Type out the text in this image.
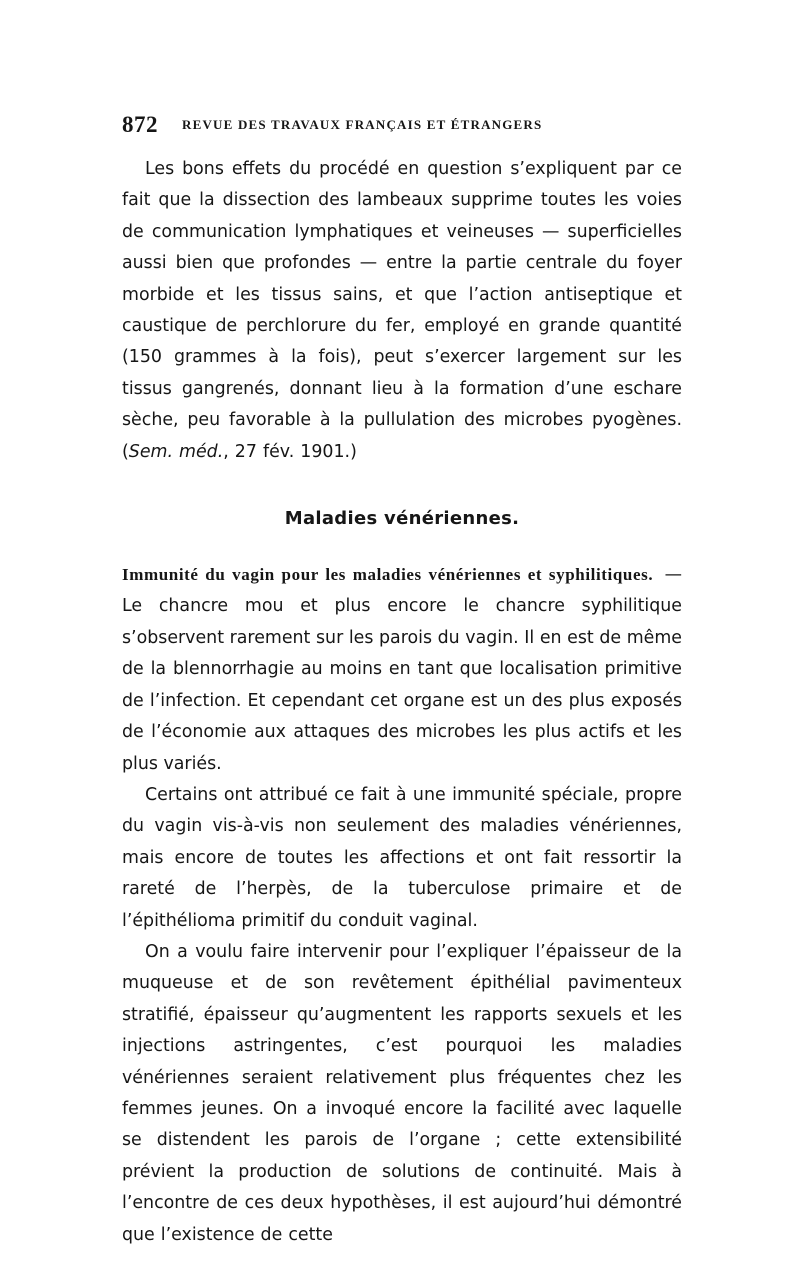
872 REVUE DES TRAVAUX FRANÇAIS ET ÉTRANGERS

Les bons effets du procédé en question s’expliquent par ce fait que la dissection des lambeaux supprime toutes les voies de communication lymphatiques et veineuses — superficielles aussi bien que profondes — entre la partie centrale du foyer morbide et les tissus sains, et que l’action antiseptique et caustique de perchlorure du fer, employé en grande quantité (150 grammes à la fois), peut s’exercer largement sur les tissus gangrenés, donnant lieu à la formation d’une eschare sèche, peu favorable à la pullulation des microbes pyogènes. (Sem. méd., 27 fév. 1901.)

Maladies vénériennes.

Immunité du vagin pour les maladies vénériennes et syphilitiques. —Le chancre mou et plus encore le chancre syphilitique s’observent rarement sur les parois du vagin. Il en est de même de la blennorrhagie au moins en tant que localisation primitive de l’infection. Et cependant cet organe est un des plus exposés de l’économie aux attaques des microbes les plus actifs et les plus variés.

Certains ont attribué ce fait à une immunité spéciale, propre du vagin vis-à-vis non seulement des maladies vénériennes, mais encore de toutes les affections et ont fait ressortir la rareté de l’herpès, de la tuberculose primaire et de l’épithélioma primitif du conduit vaginal.

On a voulu faire intervenir pour l’expliquer l’épaisseur de la muqueuse et de son revêtement épithélial pavimenteux stratifié, épaisseur qu’augmentent les rapports sexuels et les injections astringentes, c’est pourquoi les maladies vénériennes seraient relativement plus fréquentes chez les femmes jeunes. On a invoqué encore la facilité avec laquelle se distendent les parois de l’organe ; cette extensibilité prévient la production de solutions de continuité. Mais à l’encontre de ces deux hypothèses, il est aujourd’hui démontré que l’existence de cette
